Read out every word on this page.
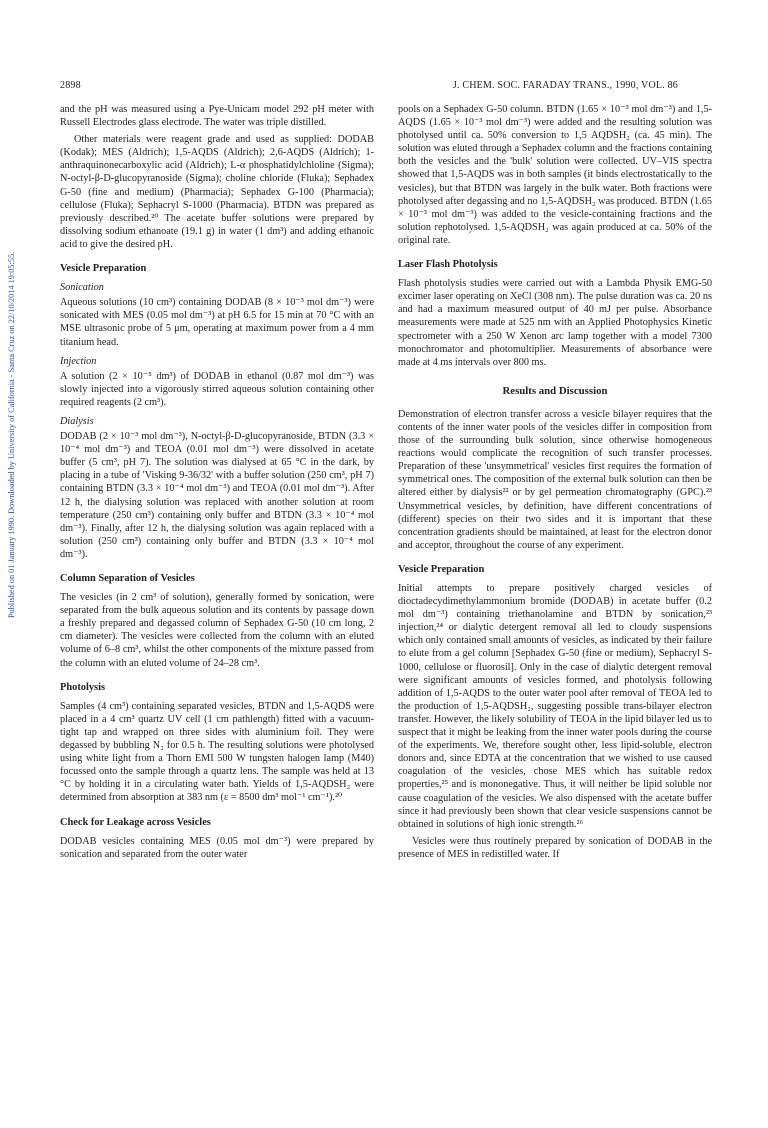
Published on 01 January 1990. Downloaded by University of California - Santa Cruz on 22/10/2014 19:05:55.
2898	J. CHEM. SOC. FARADAY TRANS., 1990, VOL. 86

and the pH was measured using a Pye-Unicam model 292 pH meter with Russell Electrodes glass electrode. The water was triple distilled.

Other materials were reagent grade and used as supplied: DODAB (Kodak); MES (Aldrich); 1,5-AQDS (Aldrich); 2,6-AQDS (Aldrich); 1-anthraquinonecarboxylic acid (Aldrich); L-α phosphatidylchloline (Sigma); N-octyl-β-D-glucopyranoside (Sigma); choline chloride (Fluka); Sephadex G-50 (fine and medium) (Pharmacia); Sephadex G-100 (Pharmacia); cellulose (Fluka); Sephacryl S-1000 (Pharmacia). BTDN was prepared as previously described.²⁰ The acetate buffer solutions were prepared by dissolving sodium ethanoate (19.1 g) in water (1 dm³) and adding ethanoic acid to give the desired pH.

Vesicle Preparation
Sonication

Aqueous solutions (10 cm³) containing DODAB (8 × 10⁻³ mol dm⁻³) were sonicated with MES (0.05 mol dm⁻³) at pH 6.5 for 15 min at 70 °C with an MSE ultrasonic probe of 5 μm, operating at maximum power from a 4 mm titanium head.

Injection

A solution (2 × 10⁻⁵ dm³) of DODAB in ethanol (0.87 mol dm⁻³) was slowly injected into a vigorously stirred aqueous solution containing other required reagents (2 cm³).

Dialysis

DODAB (2 × 10⁻³ mol dm⁻³), N-octyl-β-D-glucopyranoside, BTDN (3.3 × 10⁻⁴ mol dm⁻³) and TEOA (0.01 mol dm⁻³) were dissolved in acetate buffer (5 cm³, pH 7). The solution was dialysed at 65 °C in the dark, by placing in a tube of 'Visking 9-36/32' with a buffer solution (250 cm³, pH 7) containing BTDN (3.3 × 10⁻⁴ mol dm⁻³) and TEOA (0.01 mol dm⁻³). After 12 h, the dialysing solution was replaced with another solution at room temperature (250 cm³) containing only buffer and BTDN (3.3 × 10⁻⁴ mol dm⁻³). Finally, after 12 h, the dialysing solution was again replaced with a solution (250 cm³) containing only buffer and BTDN (3.3 × 10⁻⁴ mol dm⁻³).

Column Separation of Vesicles

The vesicles (in 2 cm³ of solution), generally formed by sonication, were separated from the bulk aqueous solution and its contents by passage down a freshly prepared and degassed column of Sephadex G-50 (10 cm long, 2 cm diameter). The vesicles were collected from the column with an eluted volume of 6–8 cm³, whilst the other components of the mixture passed from the column with an eluted volume of 24–28 cm³.

Photolysis

Samples (4 cm³) containing separated vesicles, BTDN and 1,5-AQDS were placed in a 4 cm³ quartz UV cell (1 cm pathlength) fitted with a vacuum-tight tap and wrapped on three sides with aluminium foil. They were degassed by bubbling N₂ for 0.5 h. The resulting solutions were photolysed using white light from a Thorn EMI 500 W tungsten halogen lamp (M40) focussed onto the sample through a quartz lens. The sample was held at 13 °C by holding it in a circulating water bath. Yields of 1,5-AQDSH₂ were determined from absorption at 383 nm (ε = 8500 dm³ mol⁻¹ cm⁻¹).²⁰

Check for Leakage across Vesicles

DODAB vesicles containing MES (0.05 mol dm⁻³) were prepared by sonication and separated from the outer water

pools on a Sephadex G-50 column. BTDN (1.65 × 10⁻³ mol dm⁻³) and 1,5-AQDS (1.65 × 10⁻³ mol dm⁻³) were added and the resulting solution was photolysed until ca. 50% conversion to 1,5 AQDSH₂ (ca. 45 min). The solution was eluted through a Sephadex column and the fractions containing both the vesicles and the 'bulk' solution were collected. UV–VIS spectra showed that 1,5-AQDS was in both samples (it binds electrostatically to the vesicles), but that BTDN was largely in the bulk water. Both fractions were photolysed after degassing and no 1,5-AQDSH₂ was produced. BTDN (1.65 × 10⁻³ mol dm⁻³) was added to the vesicle-containing fractions and the solution rephotolysed. 1,5-AQDSH₂ was again produced at ca. 50% of the original rate.

Laser Flash Photolysis

Flash photolysis studies were carried out with a Lambda Physik EMG-50 excimer laser operating on XeCl (308 nm). The pulse duration was ca. 20 ns and had a maximum measured output of 40 mJ per pulse. Absorbance measurements were made at 525 nm with an Applied Photophysics Kinetic spectrometer with a 250 W Xenon arc lamp together with a model 7300 monochromator and photomultiplier. Measurements of absorbance were made at 4 ms intervals over 800 ms.

Results and Discussion

Demonstration of electron transfer across a vesicle bilayer requires that the contents of the inner water pools of the vesicles differ in composition from those of the surrounding bulk solution, since otherwise homogeneous reactions would complicate the recognition of such transfer processes. Preparation of these 'unsymmetrical' vesicles first requires the formation of symmetrical ones. The composition of the external bulk solution can then be altered either by dialysis²² or by gel permeation chromatography (GPC).²³ Unsymmetrical vesicles, by definition, have different concentrations of (different) species on their two sides and it is important that these concentration gradients should be maintained, at least for the electron donor and acceptor, throughout the course of any experiment.

Vesicle Preparation

Initial attempts to prepare positively charged vesicles of dioctadecydimethylammonium bromide (DODAB) in acetate buffer (0.2 mol dm⁻³) containing triethanolamine and BTDN by sonication,²³ injection,²⁴ or dialytic detergent removal all led to cloudy suspensions which only contained small amounts of vesicles, as indicated by their failure to elute from a gel column [Sephadex G-50 (fine or medium), Sephacryl S-1000, cellulose or fluorosil]. Only in the case of dialytic detergent removal were significant amounts of vesicles formed, and photolysis following addition of 1,5-AQDS to the outer water pool after removal of TEOA led to the production of 1,5-AQDSH₂, suggesting possible trans-bilayer electron transfer. However, the likely solubility of TEOA in the lipid bilayer led us to suspect that it might be leaking from the inner water pools during the course of the experiments. We, therefore sought other, less lipid-soluble, electron donors and, since EDTA at the concentration that we wished to use caused coagulation of the vesicles, chose MES which has suitable redox properties,²⁵ and is mononegative. Thus, it will neither be lipid soluble nor cause coagulation of the vesicles. We also dispensed with the acetate buffer since it had previously been shown that clear vesicle suspensions cannot be obtained in solutions of high ionic strength.²⁶

Vesicles were thus routinely prepared by sonication of DODAB in the presence of MES in redistilled water. If
